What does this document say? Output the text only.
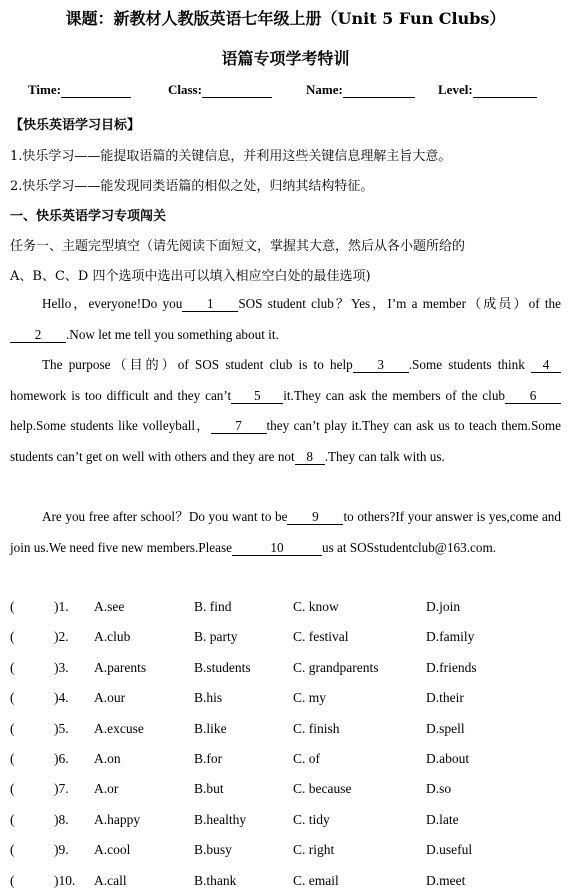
课题：新教材人教版英语七年级上册（Unit 5 Fun Clubs）
语篇专项学考特训
Time:	Class:	Name:	Level:
【快乐英语学习目标】
1.快乐学习——能提取语篇的关键信息，并利用这些关键信息理解主旨大意。
2.快乐学习——能发现同类语篇的相似之处，归纳其结构特征。
一、快乐英语学习专项闯关
任务一、主题完型填空（请先阅读下面短文，掌握其大意，然后从各小题所给的
A、B、C、D 四个选项中选出可以填入相应空白处的最佳选项)
Hello，everyone!Do you 1 SOS student club？Yes，I’m a member（成员）of the2 .Now let me tell you something about it.
The purpose（目的）of SOS student club is to help 3 .Some students think 4homework is too difficult and they can’t 5 it.They can ask the members of the club 6help.Some students like volleyball， 7 they can’t play it.They can ask us to teach them.Some students can’t get on well with others and they are not 8 .They can talk with us.
Are you free after school？Do you want to be 9 to others?If your answer is yes,come and join us.We need five new members.Please	10	us at SOSstudentclub@163.com.
(	)1. A.see	B. find	C. know	D.join
(	)2. A.club	B. party	C. festival	D.family
(	)3. A.parents	B.students	C. grandparents	D.friends
(	)4. A.our	B.his	C. my	D.their
(	)5. A.excuse	B.like	C. finish	D.spell
(	)6. A.on	B.for	C. of	D.about
(	)7. A.or	B.but	C. because	D.so
(	)8. A.happy	B.healthy	C. tidy	D.late
(	)9. A.cool	B.busy	C. right	D.useful
(	)10. A.call	B.thank	C. email	D.meet
